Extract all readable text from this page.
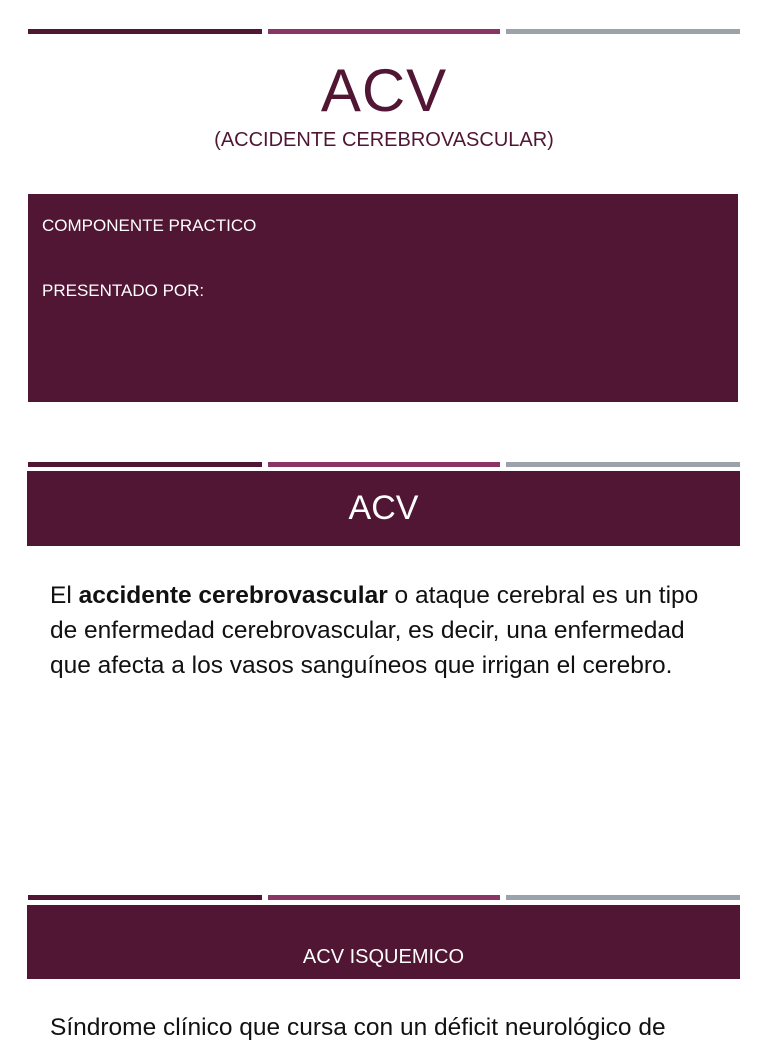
ACV
(ACCIDENTE CEREBROVASCULAR)
COMPONENTE PRACTICO
PRESENTADO POR:
ACV
El accidente cerebrovascular o ataque cerebral es un tipo de enfermedad cerebrovascular, es decir, una enfermedad que afecta a los vasos sanguíneos que irrigan el cerebro.
ACV ISQUEMICO
Síndrome clínico que cursa con un déficit neurológico de
